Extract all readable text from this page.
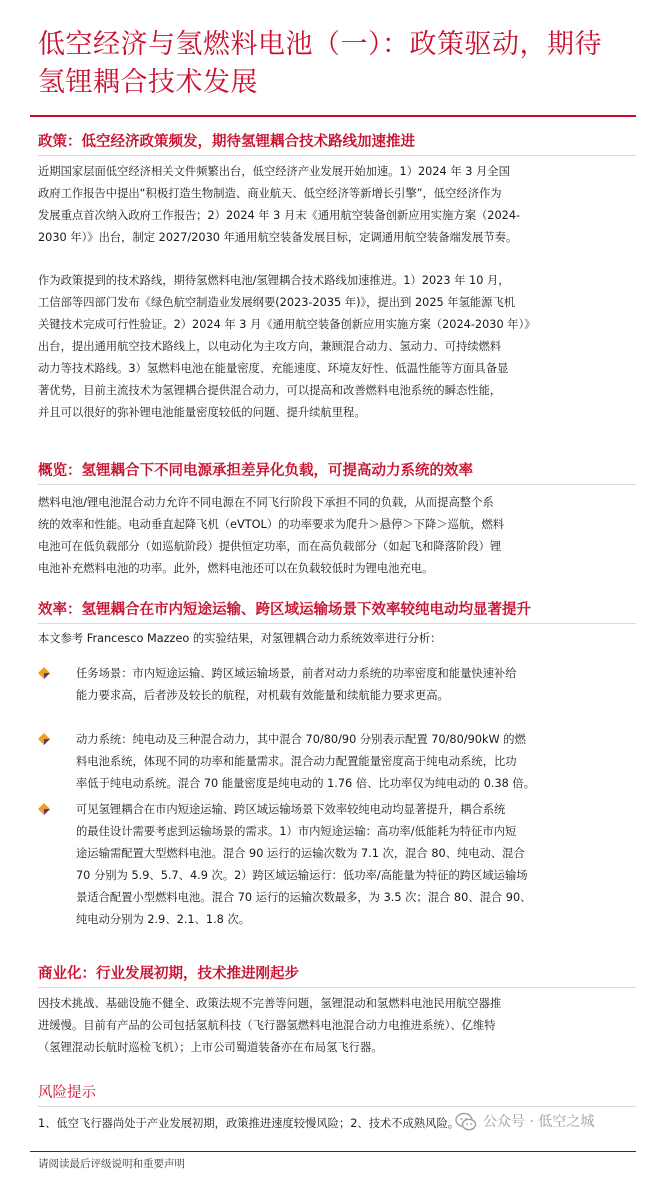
低空经济与氢燃料电池（一）：政策驱动，期待
氢锂耦合技术发展
政策：低空经济政策频发，期待氢锂耦合技术路线加速推进
近期国家层面低空经济相关文件频繁出台，低空经济产业发展开始加速。1）2024 年 3 月全国
政府工作报告中提出“积极打造生物制造、商业航天、低空经济等新增长引擎”，低空经济作为
发展重点首次纳入政府工作报告；2）2024 年 3 月末《通用航空装备创新应用实施方案（2024-
2030 年）》出台，制定 2027/2030 年通用航空装备发展目标，定调通用航空装备端发展节奏。
作为政策提到的技术路线，期待氢燃料电池/氢锂耦合技术路线加速推进。1）2023 年 10 月，
工信部等四部门发布《绿色航空制造业发展纲要(2023-2035 年)》，提出到 2025 年氢能源飞机
关键技术完成可行性验证。2）2024 年 3 月《通用航空装备创新应用实施方案（2024-2030 年）》
出台，提出通用航空技术路线上，以电动化为主攻方向，兼顾混合动力、氢动力、可持续燃料
动力等技术路线。3）氢燃料电池在能量密度、充能速度、环境友好性、低温性能等方面具备显
著优势，目前主流技术为氢锂耦合提供混合动力，可以提高和改善燃料电池系统的瞬态性能，
并且可以很好的弥补锂电池能量密度较低的问题、提升续航里程。
概览：氢锂耦合下不同电源承担差异化负载，可提高动力系统的效率
燃料电池/锂电池混合动力允许不同电源在不同飞行阶段下承担不同的负载，从而提高整个系
统的效率和性能。电动垂直起降飞机（eVTOL）的功率要求为爬升＞悬停＞下降＞巡航，燃料
电池可在低负载部分（如巡航阶段）提供恒定功率，而在高负载部分（如起飞和降落阶段）锂
电池补充燃料电池的功率。此外，燃料电池还可以在负载较低时为锂电池充电。
效率：氢锂耦合在市内短途运输、跨区域运输场景下效率较纯电动均显著提升
本文参考 Francesco Mazzeo 的实验结果，对氢锂耦合动力系统效率进行分析：
任务场景：市内短途运输、跨区域运输场景，前者对动力系统的功率密度和能量快速补给
能力要求高，后者涉及较长的航程，对机载有效能量和续航能力要求更高。
动力系统：纯电动及三种混合动力，其中混合 70/80/90 分别表示配置 70/80/90kW 的燃
料电池系统，体现不同的功率和能量需求。混合动力配置能量密度高于纯电动系统，比功
率低于纯电动系统。混合 70 能量密度是纯电动的 1.76 倍、比功率仅为纯电动的 0.38 倍。
可见氢锂耦合在市内短途运输、跨区域运输场景下效率较纯电动均显著提升，耦合系统
的最佳设计需要考虑到运输场景的需求。1）市内短途运输：高功率/低能耗为特征市内短
途运输需配置大型燃料电池。混合 90 运行的运输次数为 7.1 次，混合 80、纯电动、混合
70 分别为 5.9、5.7、4.9 次。2）跨区域运输运行：低功率/高能量为特征的跨区域运输场
景适合配置小型燃料电池。混合 70 运行的运输次数最多，为 3.5 次；混合 80、混合 90、
纯电动分别为 2.9、2.1、1.8 次。
商业化：行业发展初期，技术推进刚起步
因技术挑战、基础设施不健全、政策法规不完善等问题，氢锂混动和氢燃料电池民用航空器推
进缓慢。目前有产品的公司包括氢航科技（飞行器氢燃料电池混合动力电推进系统）、亿维特
（氢锂混动长航时巡检飞机）；上市公司蜀道装备亦在布局氢飞行器。
风险提示
1、低空飞行器尚处于产业发展初期，政策推进速度较慢风险；2、技术不成熟风险。	公众号 · 低空之城
请阅读最后评级说明和重要声明
